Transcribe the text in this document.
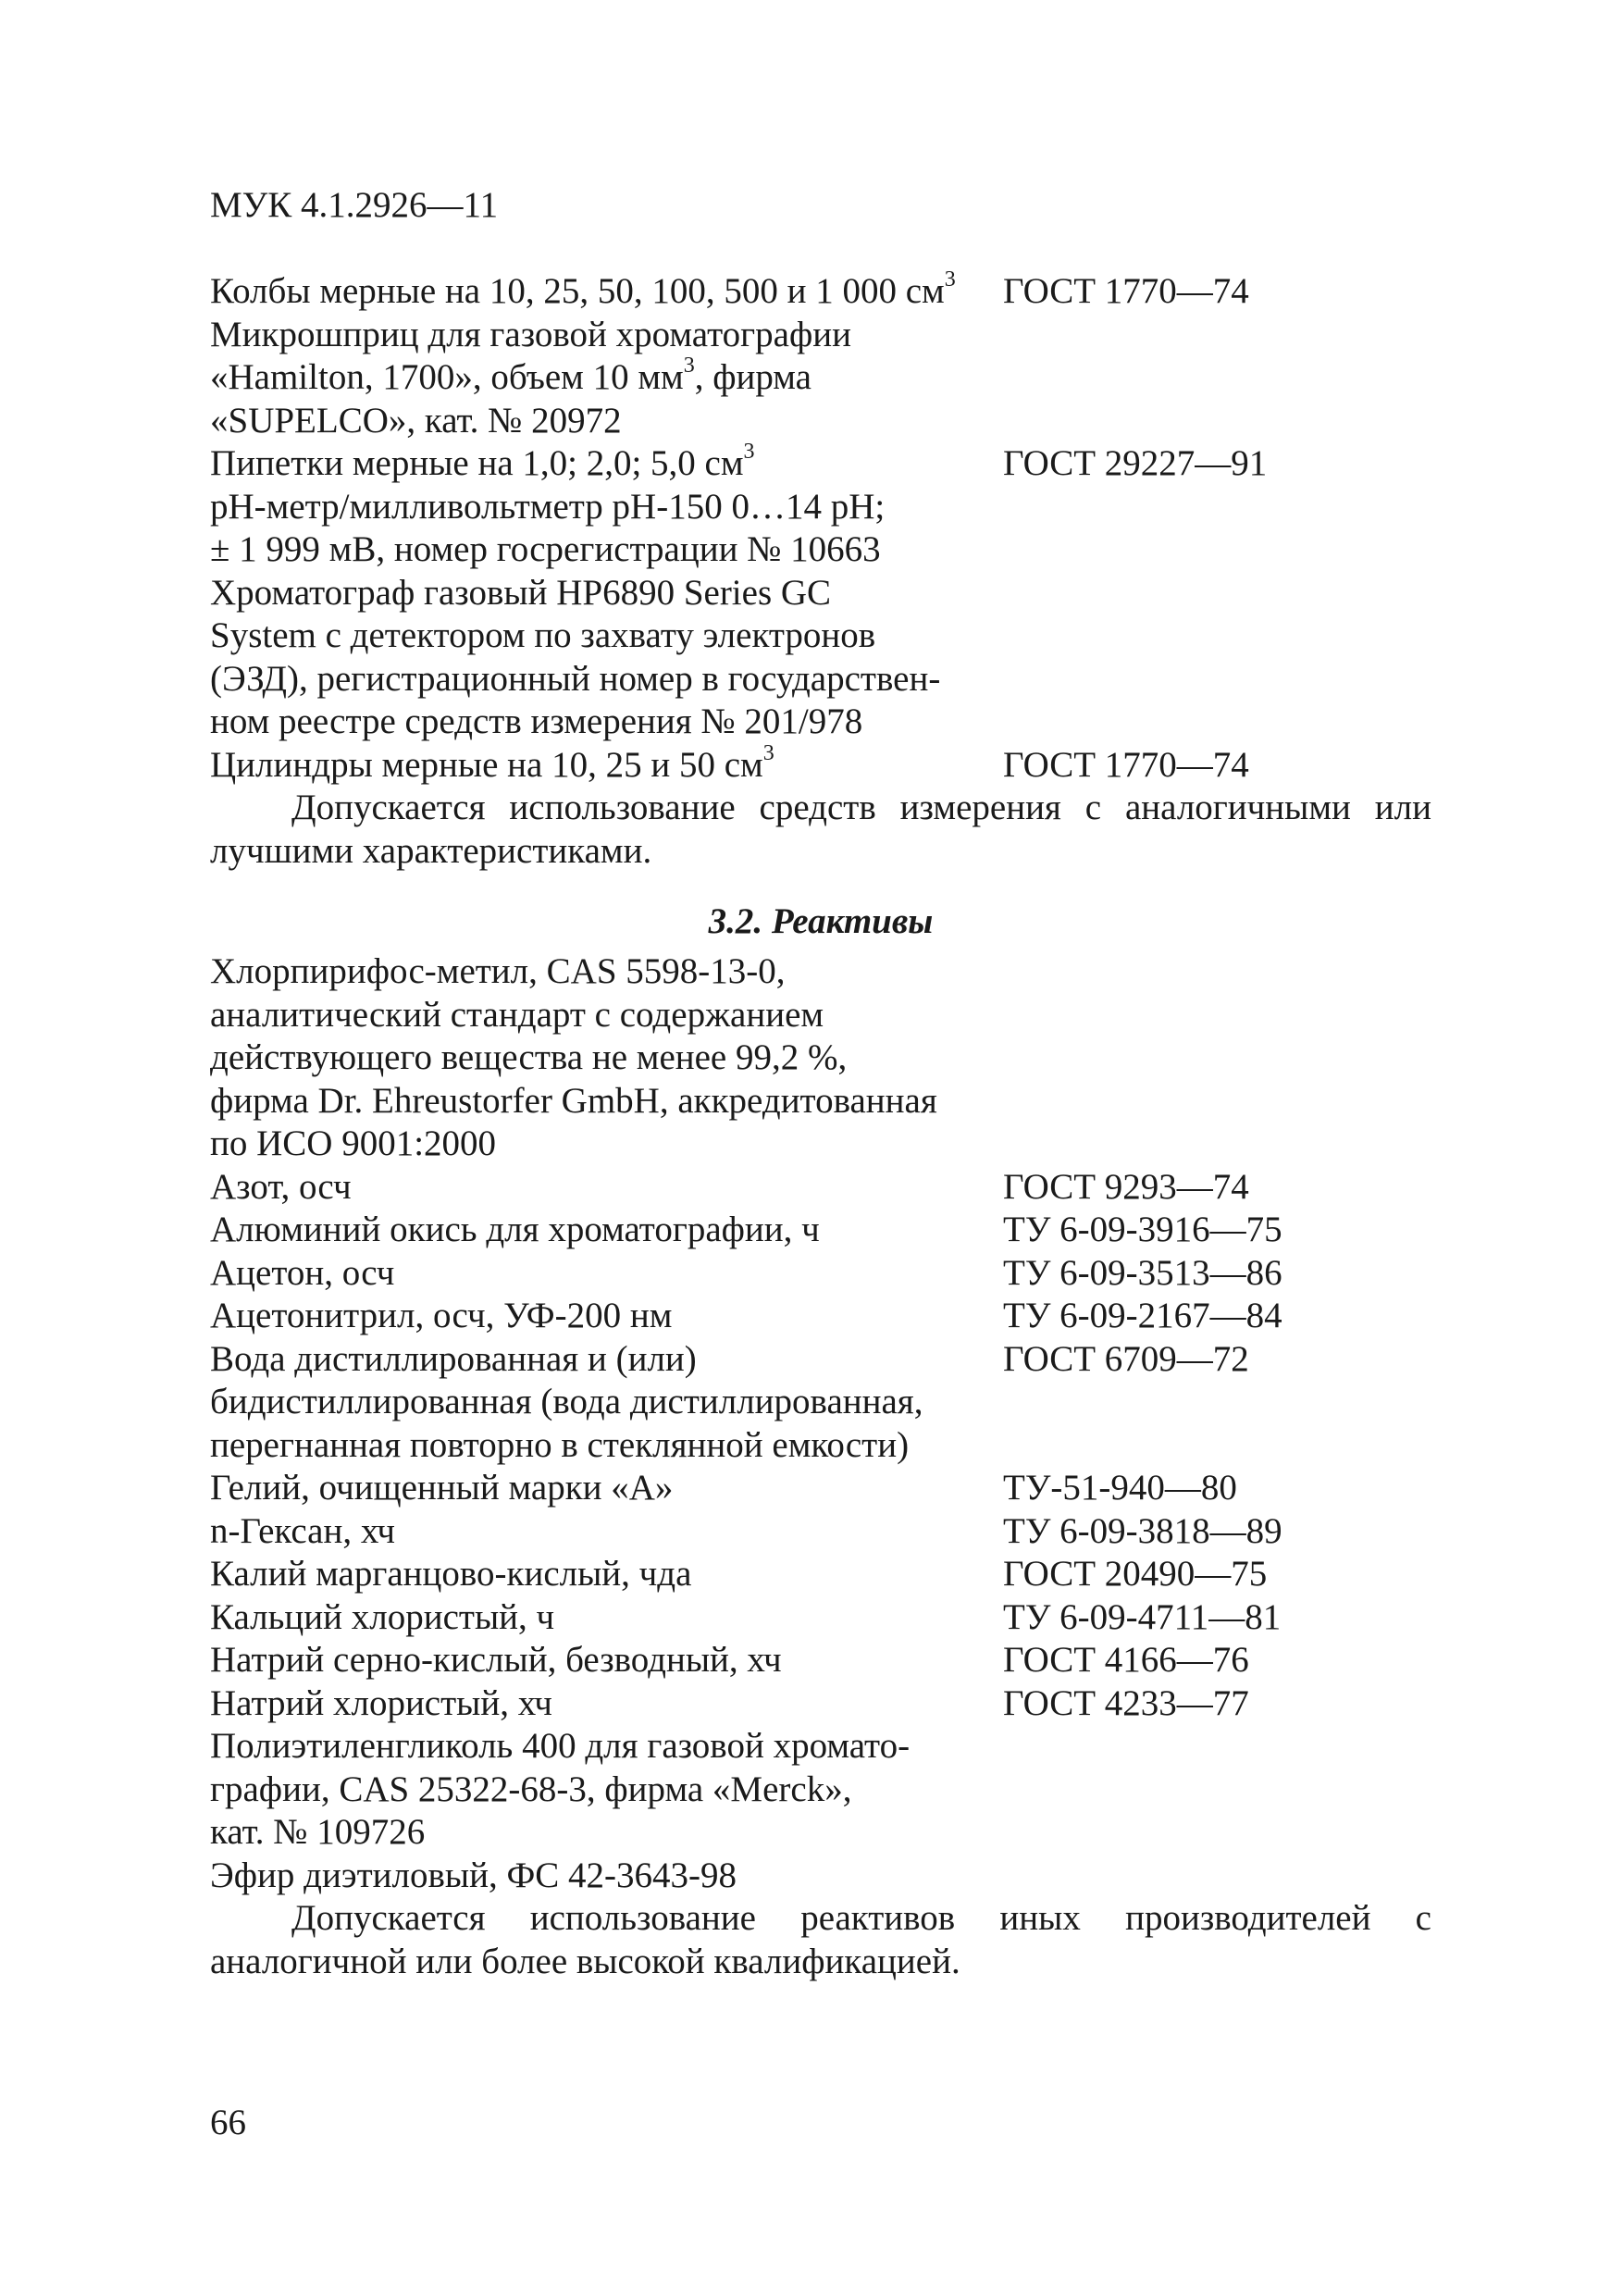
МУК 4.1.2926—11
Колбы мерные на 10, 25, 50, 100, 500 и 1 000 $см^3$ ГОСТ 1770—74
Микрошприц для газовой хроматографии
«Hamilton, 1700», объем 10 $мм^3$, фирма
«SUPELCO», кат. № 20972
Пипетки мерные на 1,0; 2,0; 5,0 $см^3$	ГОСТ 29227—91
pH-метр/милливольтметр pH-150 0…14 pH;
± 1 999 мВ, номер госрегистрации № 10663
Хроматограф газовый HP6890 Series GC
System с детектором по захвату электронов
(ЭЗД), регистрационный номер в государствен-
ном реестре средств измерения № 201/978
Цилиндры мерные на 10, 25 и 50 $см^3$	ГОСТ 1770—74
Допускается использование средств измерения с аналогичными или лучшими характеристиками.
3.2. Реактивы
Хлорпирифос-метил, CAS 5598-13-0,
аналитический стандарт с содержанием
действующего вещества не менее 99,2 %,
фирма Dr. Ehreustorfer GmbH, аккредитованная
по ИСО 9001:2000
Азот, осч	ГОСТ 9293—74
Алюминий окись для хроматографии, ч	ТУ 6-09-3916—75
Ацетон, осч	ТУ 6-09-3513—86
Ацетонитрил, осч, УФ-200 нм	ТУ 6-09-2167—84
Вода дистиллированная и (или)	ГОСТ 6709—72
бидистиллированная (вода дистиллированная,
перегнанная повторно в стеклянной емкости)
Гелий, очищенный марки «А»	ТУ-51-940—80
n-Гексан, хч	ТУ 6-09-3818—89
Калий марганцово-кислый, чда	ГОСТ 20490—75
Кальций хлористый, ч	ТУ 6-09-4711—81
Натрий серно-кислый, безводный, хч	ГОСТ 4166—76
Натрий хлористый, хч	ГОСТ 4233—77
Полиэтиленгликоль 400 для газовой хромато-
графии, CAS 25322-68-3, фирма «Merck»,
кат. № 109726
Эфир диэтиловый, ФС 42-3643-98
Допускается использование реактивов иных производителей с аналогичной или более высокой квалификацией.
66
